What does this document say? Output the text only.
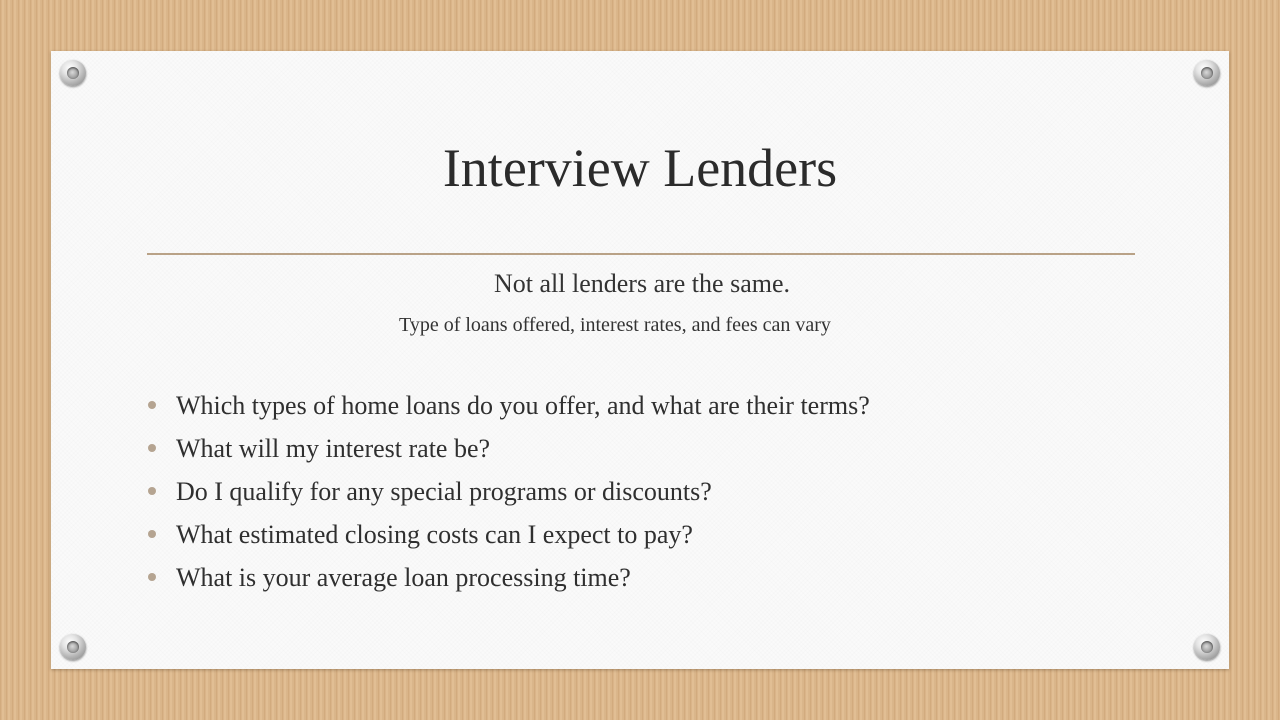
Interview Lenders
Not all lenders are the same.
Type of loans offered, interest rates, and fees can vary
Which types of home loans do you offer, and what are their terms?
What will my interest rate be?
Do I qualify for any special programs or discounts?
What estimated closing costs can I expect to pay?
What is your average loan processing time?
